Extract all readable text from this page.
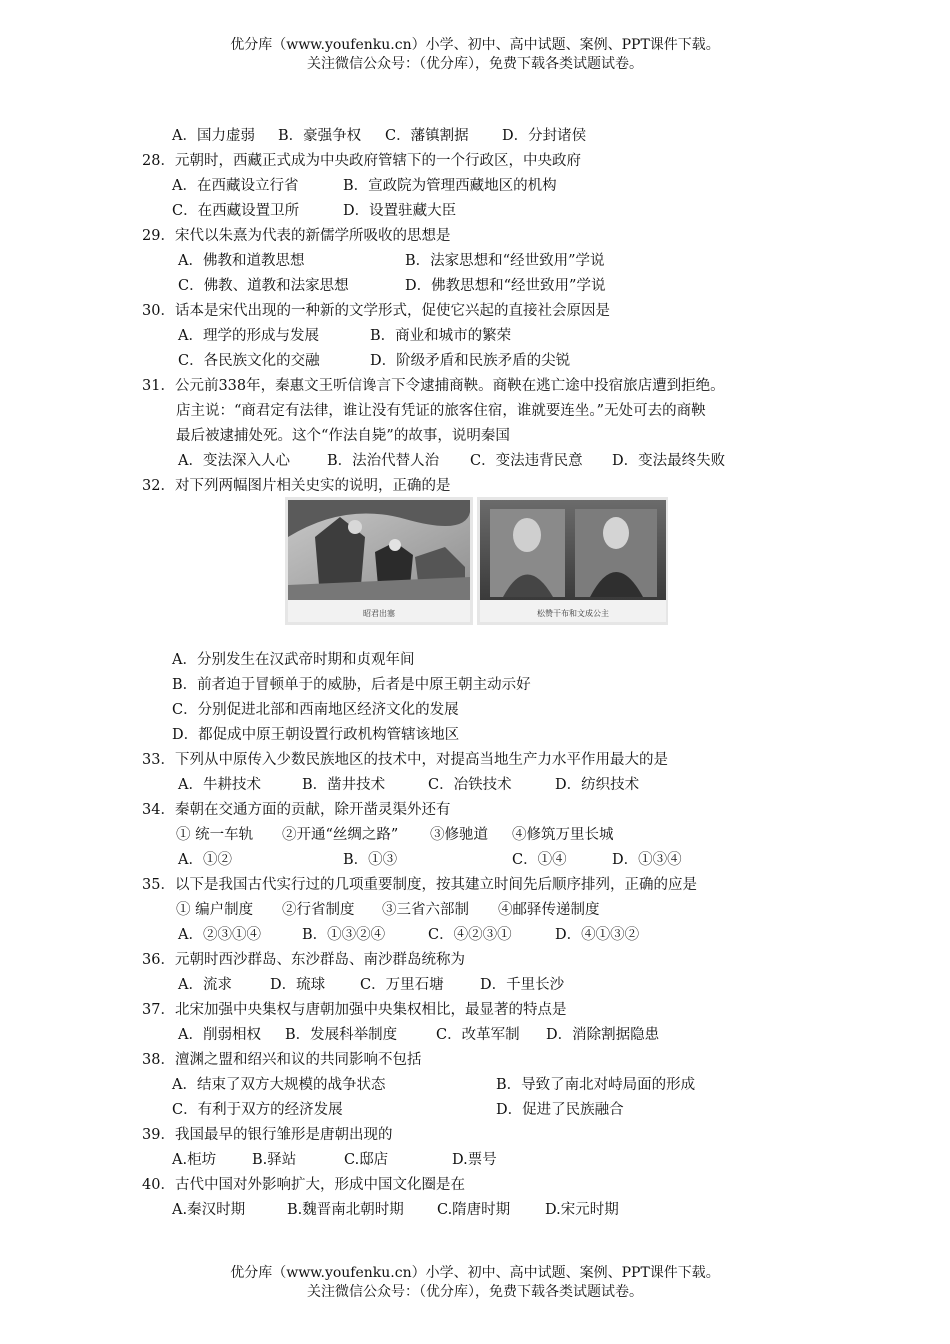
优分库（www.youfenku.cn）小学、初中、高中试题、案例、PPT课件下载。
关注微信公众号：（优分库），免费下载各类试题试卷。
A．国力虚弱 B．豪强争权 C．藩镇割据 D．分封诸侯
28．元朝时，西藏正式成为中央政府管辖下的一个行政区，中央政府
A．在西藏设立行省	B．宣政院为管理西藏地区的机构
C．在西藏设置卫所	D．设置驻藏大臣
29．宋代以朱熹为代表的新儒学所吸收的思想是
A．佛教和道教思想	B．法家思想和“经世致用”学说
C．佛教、道教和法家思想	D．佛教思想和“经世致用”学说
30．话本是宋代出现的一种新的文学形式，促使它兴起的直接社会原因是
A．理学的形成与发展	B．商业和城市的繁荣
C．各民族文化的交融	D．阶级矛盾和民族矛盾的尖锐
31．公元前338年，秦惠文王听信谗言下令逮捕商鞅。商鞅在逃亡途中投宿旅店遭到拒绝。
店主说：“商君定有法律，谁让没有凭证的旅客住宿，谁就要连坐。”无处可去的商鞅
最后被逮捕处死。这个“作法自毙”的故事，说明秦国
A．变法深入人心	B．法治代替人治 C．变法违背民意 D．变法最终失败
32．对下列两幅图片相关史实的说明，正确的是
昭君出塞	松赞干布和文成公主
A．分别发生在汉武帝时期和贞观年间
B．前者迫于冒顿单于的威胁，后者是中原王朝主动示好
C．分别促进北部和西南地区经济文化的发展
D．都促成中原王朝设置行政机构管辖该地区
33．下列从中原传入少数民族地区的技术中，对提高当地生产力水平作用最大的是
A．牛耕技术	B．凿井技术	C．冶铁技术	D．纺织技术
34．秦朝在交通方面的贡献，除开凿灵渠外还有
① 统一车轨 ②开通“丝绸之路” ③修驰道 ④修筑万里长城
A．①②	B．①③	C．①④	D．①③④
35．以下是我国古代实行过的几项重要制度，按其建立时间先后顺序排列，正确的应是
① 编户制度 ②行省制度 ③三省六部制 ④邮驿传递制度
A．②③①④	B．①③②④	C．④②③①	D．④①③②
36．元朝时西沙群岛、东沙群岛、南沙群岛统称为
A．流求	D．琉球 C．万里石塘	D．千里长沙
37．北宋加强中央集权与唐朝加强中央集权相比，最显著的特点是
A．削弱相权 B．发展科举制度	C．改革军制 D．消除割据隐患
38．澶渊之盟和绍兴和议的共同影响不包括
A．结束了双方大规模的战争状态	B．导致了南北对峙局面的形成
C．有利于双方的经济发展	D．促进了民族融合
39．我国最早的银行雏形是唐朝出现的
A.柜坊 B.驿站	C.邸店	D.票号
40．古代中国对外影响扩大，形成中国文化圈是在
A.秦汉时期	B.魏晋南北朝时期 C.隋唐时期 D.宋元时期
优分库（www.youfenku.cn）小学、初中、高中试题、案例、PPT课件下载。
关注微信公众号：（优分库），免费下载各类试题试卷。
